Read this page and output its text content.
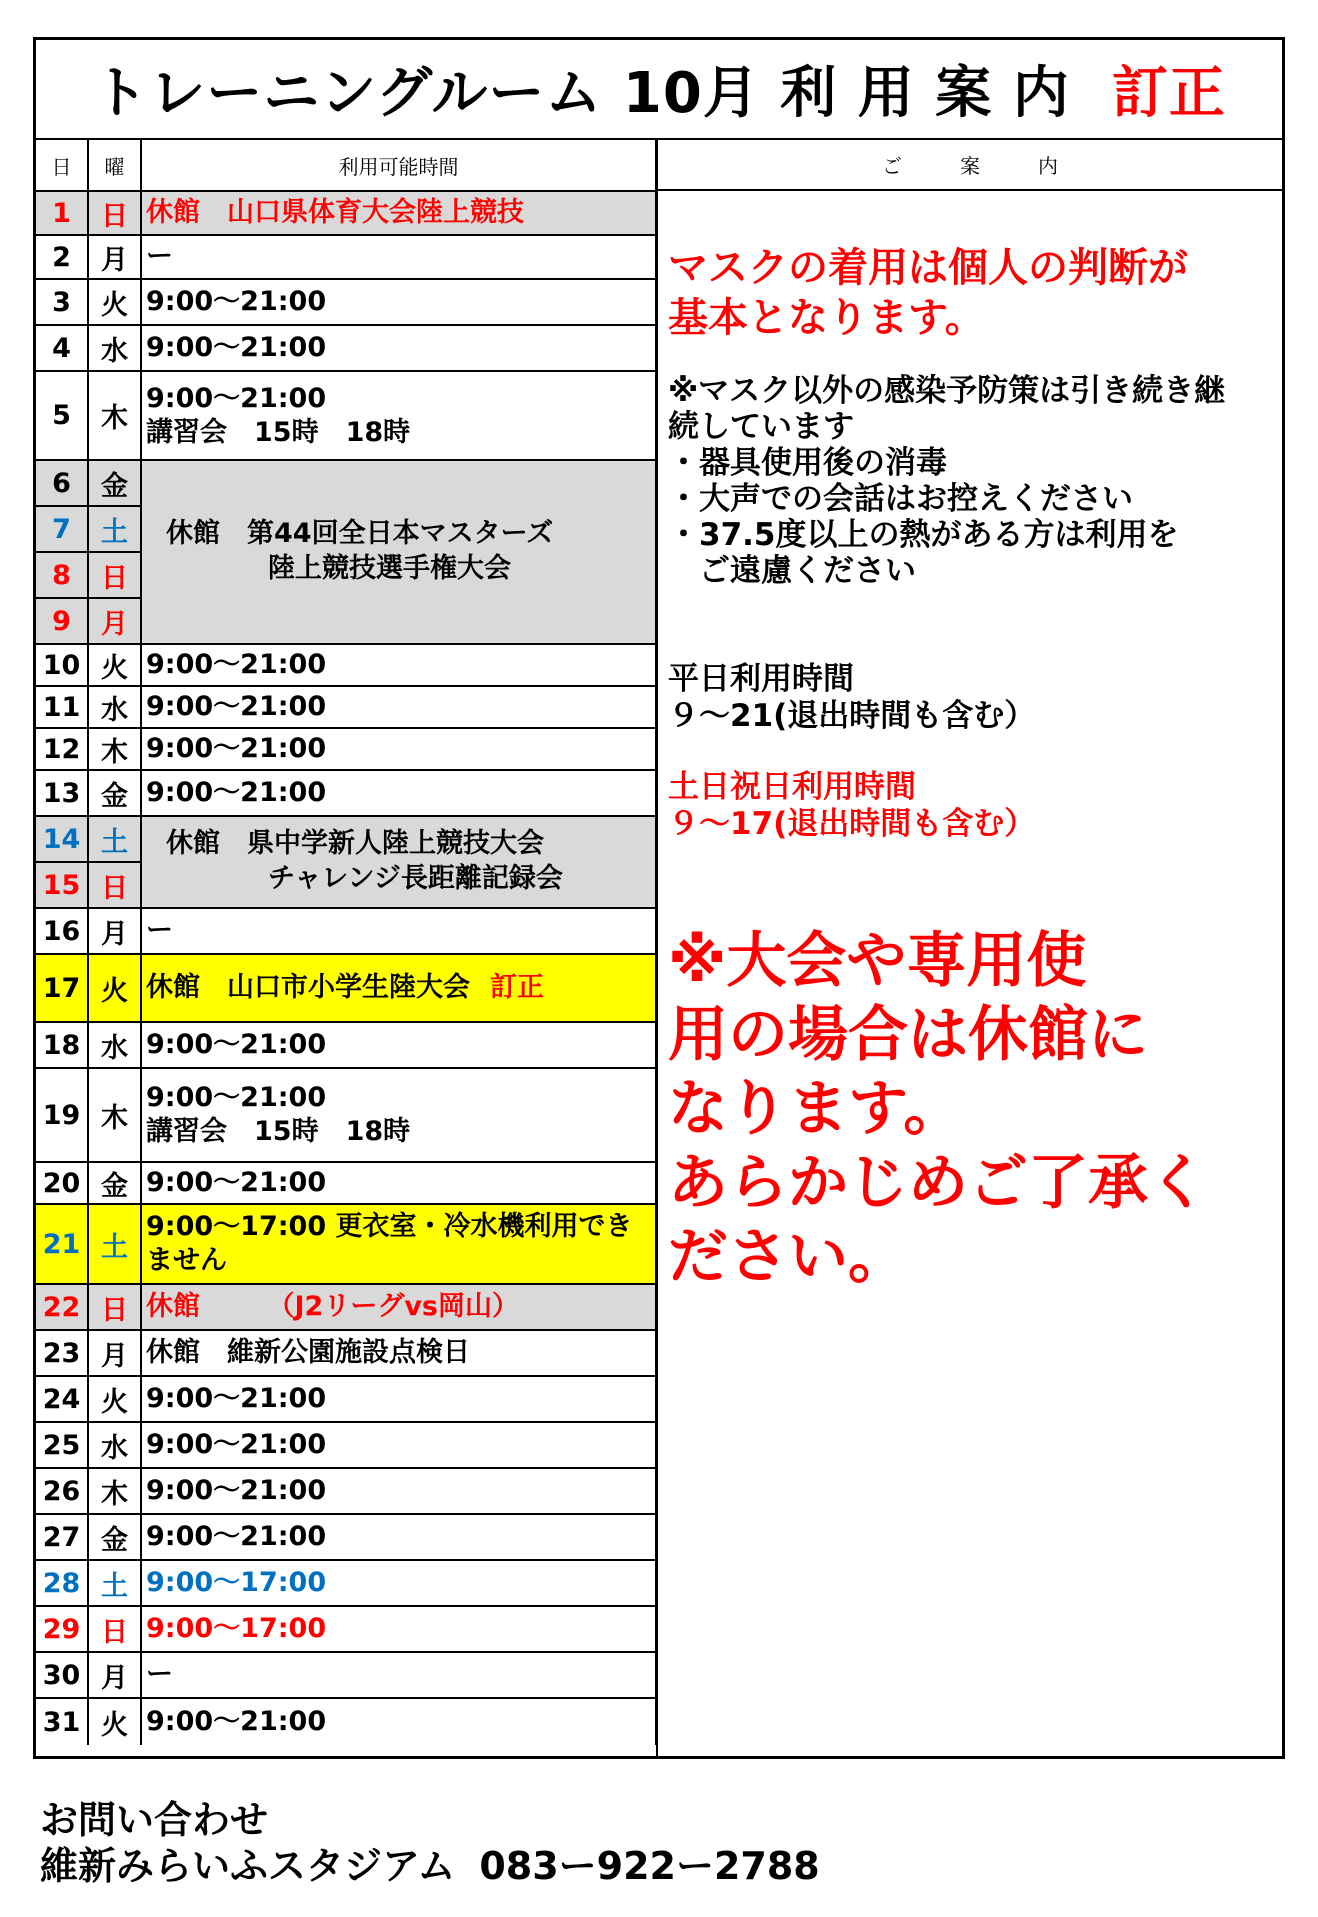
トレーニングルーム 10月 利 用 案 内 訂正
日	曜	利用可能時間
1	日	休館　山口県体育大会陸上競技

2	月	ー

3	火	9:00～21:00

4	水	9:00～21:00

5	木	9:00～21:00
講習会　15時　18時

6	金	休館　第44回全日本マスターズ
陸上競技選手権大会

7	土	
8	日	
9	月	
10	火	9:00～21:00

11	水	9:00～21:00

12	木	9:00～21:00

13	金	9:00～21:00

14	土	休館　県中学新人陸上競技大会
チャレンジ長距離記録会

15	日	
16	月	ー

17	火	休館　山口市小学生陸大会 訂正

18	水	9:00～21:00

19	木	9:00～21:00
講習会　15時　18時

20	金	9:00～21:00

21	土	9:00～17:00 更衣室・冷水機利用でき
ません

22	日	休館　　　（J2リーグvs岡山）

23	月	休館　維新公園施設点検日

24	火	9:00～21:00

25	水	9:00～21:00

26	木	9:00～21:00

27	金	9:00～21:00

28	土	9:00～17:00

29	日	9:00～17:00

30	月	ー

31	火	9:00～21:00
ご案内
マスクの着用は個人の判断が
基本となります。
※マスク以外の感染予防策は引き続き継
続しています
・器具使用後の消毒
・大声での会話はお控えください
・37.5度以上の熱がある方は利用を
　ご遠慮ください
平日利用時間
９～21(退出時間も含む）
土日祝日利用時間
９～17(退出時間も含む）
※大会や専用使
用の場合は休館に
なります。
あらかじめご了承く
ださい。
お問い合わせ
維新みらいふスタジアム 083ー922ー2788
